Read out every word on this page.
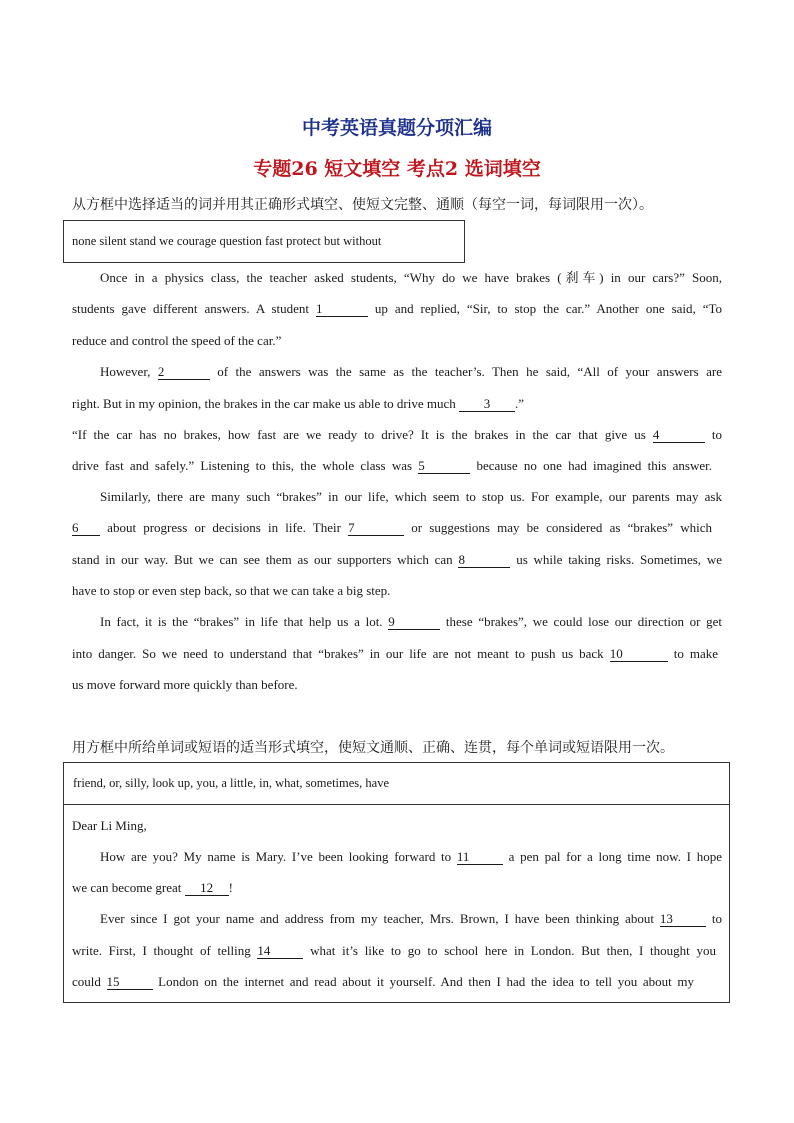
中考英语真题分项汇编
专题26 短文填空 考点2 选词填空
从方框中选择适当的词并用其正确形式填空、使短文完整、通顺（每空一词，每词限用一次）。
none silent stand we courage question fast protect but without
Once in a physics class, the teacher asked students, “Why do we have brakes (刹车) in our cars?” Soon,
students gave different answers. A student 1	up and replied, “Sir, to stop the car.” Another one said, “To
reduce and control the speed of the car.”
However, 2	of the answers was the same as the teacher’s. Then he said, “All of your answers are
right. But in my opinion, the brakes in the car make us able to drive much 3 .”
“If the car has no brakes, how fast are we ready to drive? It is the brakes in the car that give us 4	to
drive fast and safely.” Listening to this, the whole class was 5	because no one had imagined this answer.
Similarly, there are many such “brakes” in our life, which seem to stop us. For example, our parents may ask
6 about progress or decisions in life. Their 7	or suggestions may be considered as “brakes” which
stand in our way. But we can see them as our supporters which can 8	us while taking risks. Sometimes, we
have to stop or even step back, so that we can take a big step.
In fact, it is the “brakes” in life that help us a lot. 9	these “brakes”, we could lose our direction or get
into danger. So we need to understand that “brakes” in our life are not meant to push us back 10	to make
us move forward more quickly than before.
用方框中所给单词或短语的适当形式填空，使短文通顺、正确、连贯，每个单词或短语限用一次。
friend, or, silly, look up, you, a little, in, what, sometimes, have
Dear Li Ming,
How are you? My name is Mary. I’ve been looking forward to 11	a pen pal for a long time now. I hope
we can become great 12 !
Ever since I got your name and address from my teacher, Mrs. Brown, I have been thinking about 13	to
write. First, I thought of telling 14	what it’s like to go to school here in London. But then, I thought you
could 15	London on the internet and read about it yourself. And then I had the idea to tell you about my
